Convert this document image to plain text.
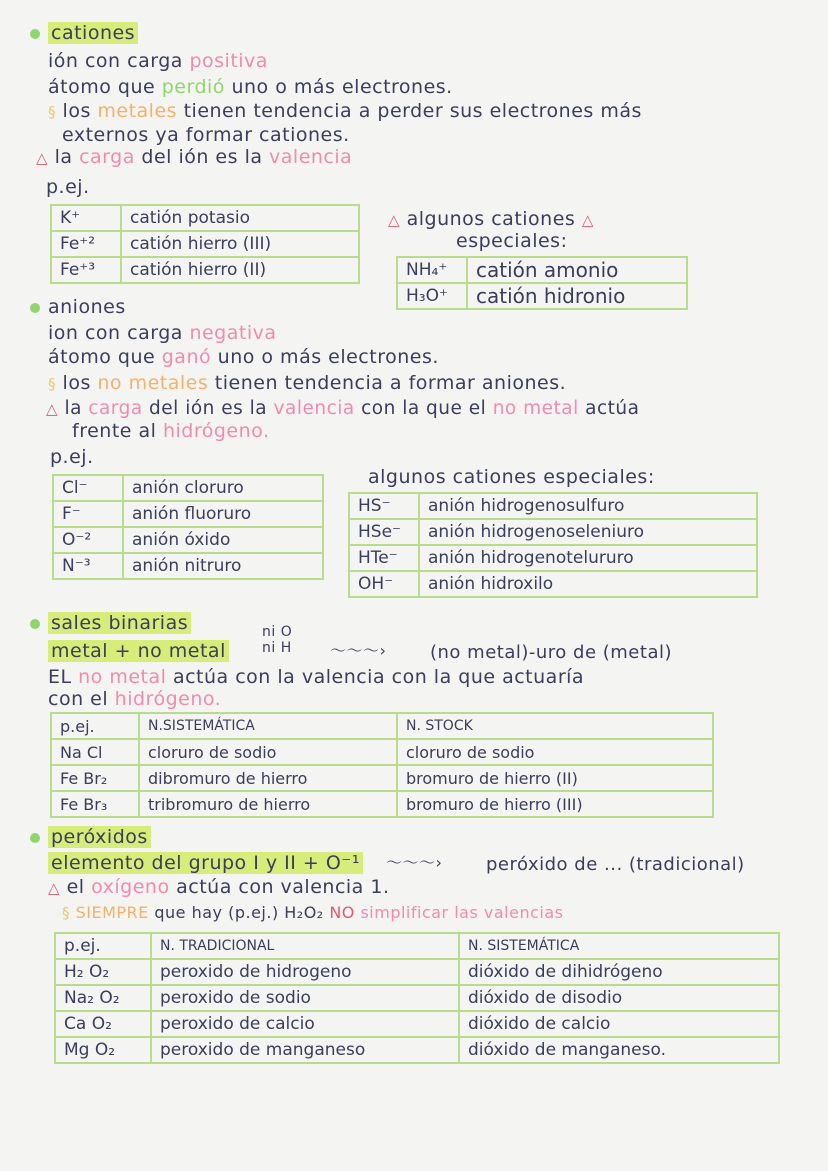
cationes
ión con carga positiva
átomo que perdió uno o más electrones.
§ los metales tienen tendencia a perder sus electrones más
externos ya formar cationes.
△ la carga del ión es la valencia
p.ej.
K⁺	catión potasio
Fe⁺²	catión hierro (III)
Fe⁺³	catión hierro (II)
△ algunos cationes △
especiales:
NH₄⁺	catión amonio
H₃O⁺	catión hidronio
aniones
ion con carga negativa
átomo que ganó uno o más electrones.
§ los no metales tienen tendencia a formar aniones.
△ la carga del ión es la valencia con la que el no metal actúa
frente al hidrógeno.
p.ej.
Cl⁻	anión cloruro
F⁻	anión fluoruro
O⁻²	anión óxido
N⁻³	anión nitruro
algunos cationes especiales:
HS⁻	anión hidrogenosulfuro
HSe⁻	anión hidrogenoseleniuro
HTe⁻	anión hidrogenotelururo
OH⁻	anión hidroxilo
sales binarias
metal + no metal
ni O
ni H 〜〜〜› (no metal)-uro de (metal)
EL no metal actúa con la valencia con la que actuaría
con el hidrógeno.
p.ej.	N.SISTEMÁTICA	N. STOCK
Na Cl	cloruro de sodio	cloruro de sodio
Fe Br₂	dibromuro de hierro	bromuro de hierro (II)
Fe Br₃	tribromuro de hierro	bromuro de hierro (III)
peróxidos
elemento del grupo I y II + O⁻¹ 〜〜〜› peróxido de ... (tradicional)
△ el oxígeno actúa con valencia 1.
§ SIEMPRE que hay (p.ej.) H₂O₂ NO simplificar las valencias
p.ej.	N. TRADICIONAL	N. SISTEMÁTICA
H₂ O₂	peroxido de hidrogeno	dióxido de dihidrógeno
Na₂ O₂	peroxido de sodio	dióxido de disodio
Ca O₂	peroxido de calcio	dióxido de calcio
Mg O₂	peroxido de manganeso	dióxido de manganeso.
